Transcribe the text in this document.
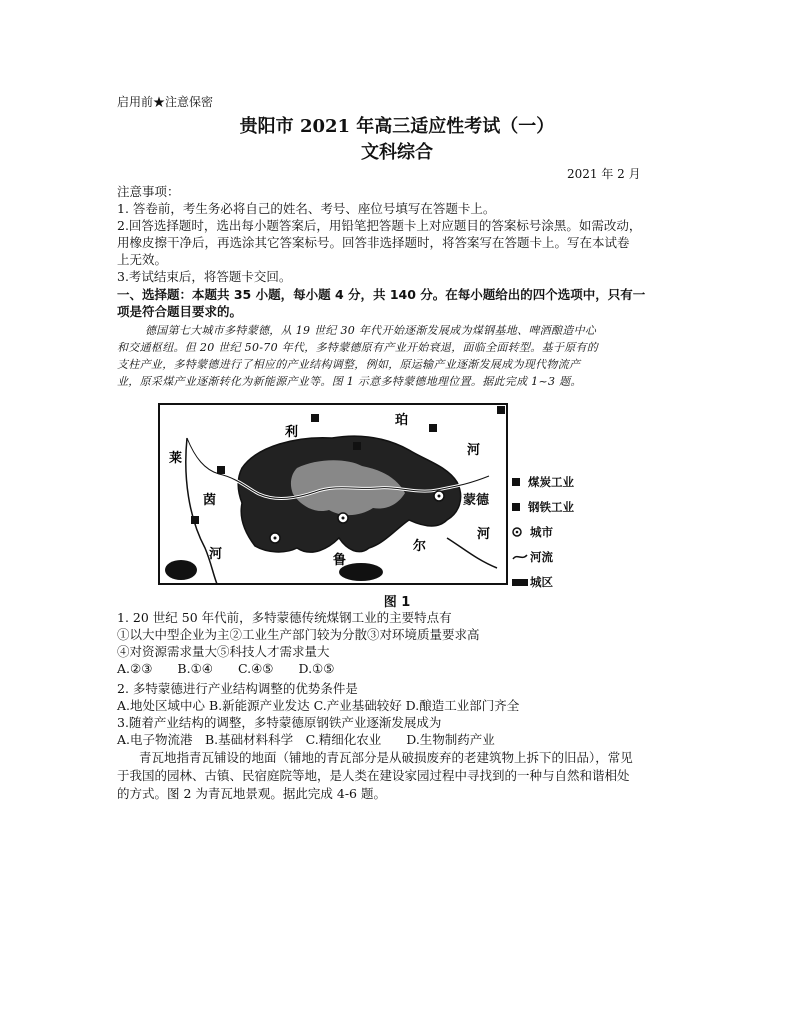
启用前★注意保密
贵阳市 2021 年高三适应性考试（一）
文科综合
2021 年 2 月
注意事项：
1. 答卷前，考生务必将自己的姓名、考号、座位号填写在答题卡上。
2.回答选择题时，选出每小题答案后，用铅笔把答题卡上对应题目的答案标号涂黑。如需改动，
用橡皮擦干净后，再选涂其它答案标号。回答非选择题时，将答案写在答题卡上。写在本试卷
上无效。
3.考试结束后，将答题卡交回。
一、选择题：本题共 35 小题，每小题 4 分，共 140 分。在每小题给出的四个选项中，只有一
项是符合题目要求的。
德国第七大城市多特蒙德，从 19 世纪 30 年代开始逐渐发展成为煤钢基地、啤酒酿造中心
和交通枢纽。但 20 世纪 50-70 年代，多特蒙德原有产业开始衰退，面临全面转型。基于原有的
支柱产业，多特蒙德进行了相应的产业结构调整，例如，原运输产业逐渐发展成为现代物流产
业，原采煤产业逐渐转化为新能源产业等。图 1 示意多特蒙德地理位置。据此完成 1~3 题。
利
珀
河
莱
茵
河	鲁
尔
河
蒙德
煤炭工业
钢铁工业
城市
河流
城区
图 1
1. 20 世纪 50 年代前，多特蒙德传统煤钢工业的主要特点有
①以大中型企业为主②工业生产部门较为分散③对环境质量要求高
④对资源需求量大⑤科技人才需求量大
A.②③　　B.①④　　C.④⑤　　D.①⑤
2. 多特蒙德进行产业结构调整的优势条件是
A.地处区域中心 B.新能源产业发达 C.产业基础较好 D.酿造工业部门齐全
3.随着产业结构的调整，多特蒙德原钢铁产业逐渐发展成为
A.电子物流港　B.基础材料科学　C.精细化农业　　D.生物制药产业
青瓦地指青瓦铺设的地面（铺地的青瓦部分是从破损废弃的老建筑物上拆下的旧品），常见
于我国的园林、古镇、民宿庭院等地，是人类在建设家园过程中寻找到的一种与自然和谐相处
的方式。图 2 为青瓦地景观。据此完成 4-6 题。
